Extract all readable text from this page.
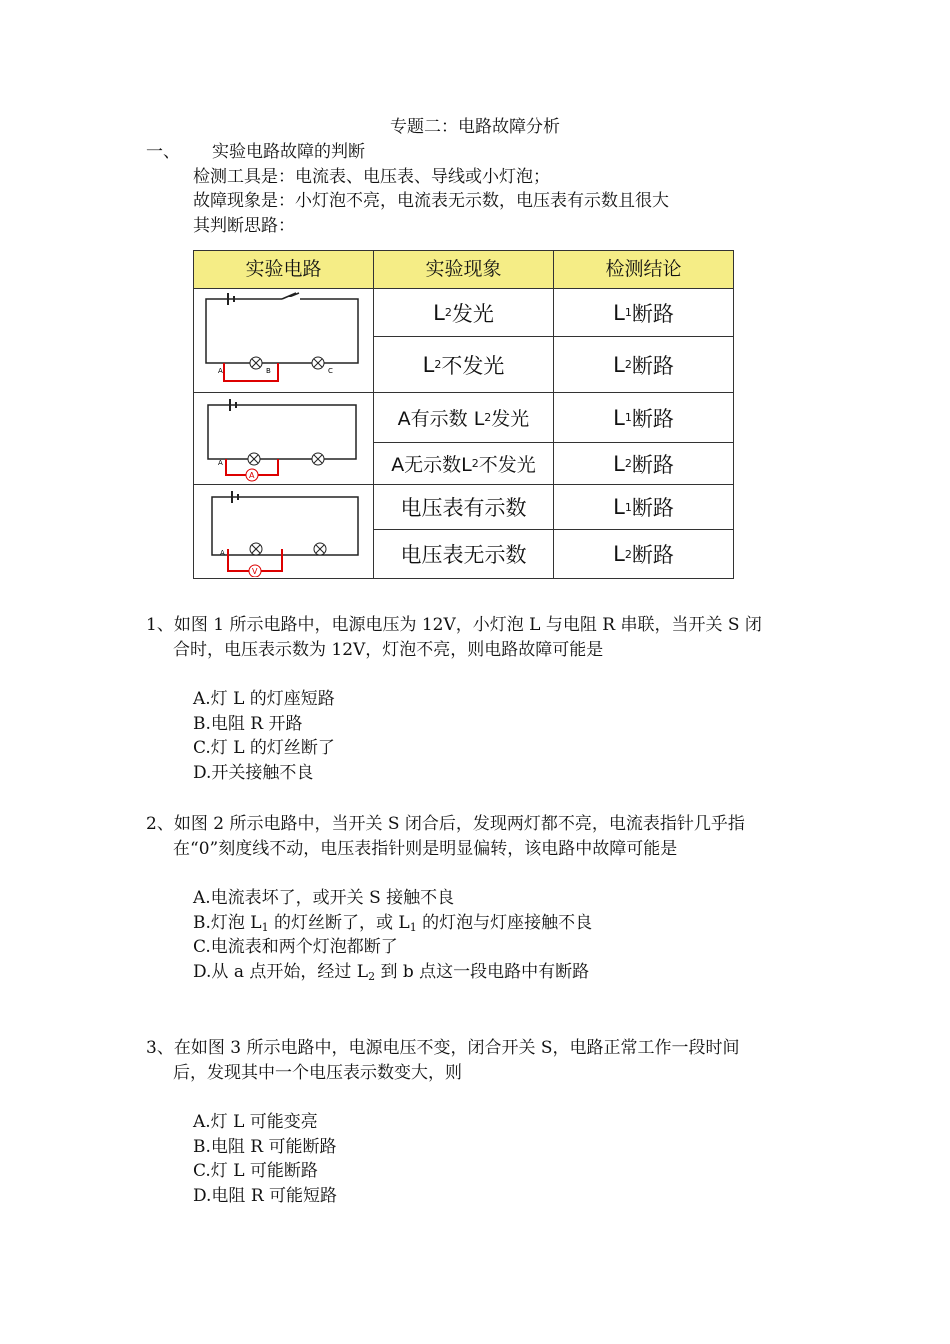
专题二：电路故障分析
一、 实验电路故障的判断
检测工具是：电流表、电压表、导线或小灯泡；
故障现象是：小灯泡不亮，电流表无示数，电压表有示数且很大
其判断思路：
实验电路	实验现象	检测结论
A	B	C
A
A
V
A
L 2 发光	L 1 断路
L 2 不发光	L 2 断路
A有示数 L 2 发光	L 1 断路
A无示数L 2 不发光	L 2 断路
电压表有示数	L 1 断路
电压表无示数	L 2 断路
1、如图 1 所示电路中，电源电压为 12V，小灯泡 L 与电阻 R 串联，当开关 S 闭
合时，电压表示数为 12V，灯泡不亮，则电路故障可能是
A.灯 L 的灯座短路
B.电阻 R 开路
C.灯 L 的灯丝断了
D.开关接触不良
2、如图 2 所示电路中，当开关 S 闭合后，发现两灯都不亮，电流表指针几乎指
在“0”刻度线不动，电压表指针则是明显偏转，该电路中故障可能是
A.电流表坏了，或开关 S 接触不良
B.灯泡 $L_1$ 的灯丝断了，或 $L_1$ 的灯泡与灯座接触不良
C.电流表和两个灯泡都断了
D.从 a 点开始，经过 $L_2$ 到 b 点这一段电路中有断路
3、在如图 3 所示电路中，电源电压不变，闭合开关 S，电路正常工作一段时间
后，发现其中一个电压表示数变大，则
A.灯 L 可能变亮
B.电阻 R 可能断路
C.灯 L 可能断路
D.电阻 R 可能短路
